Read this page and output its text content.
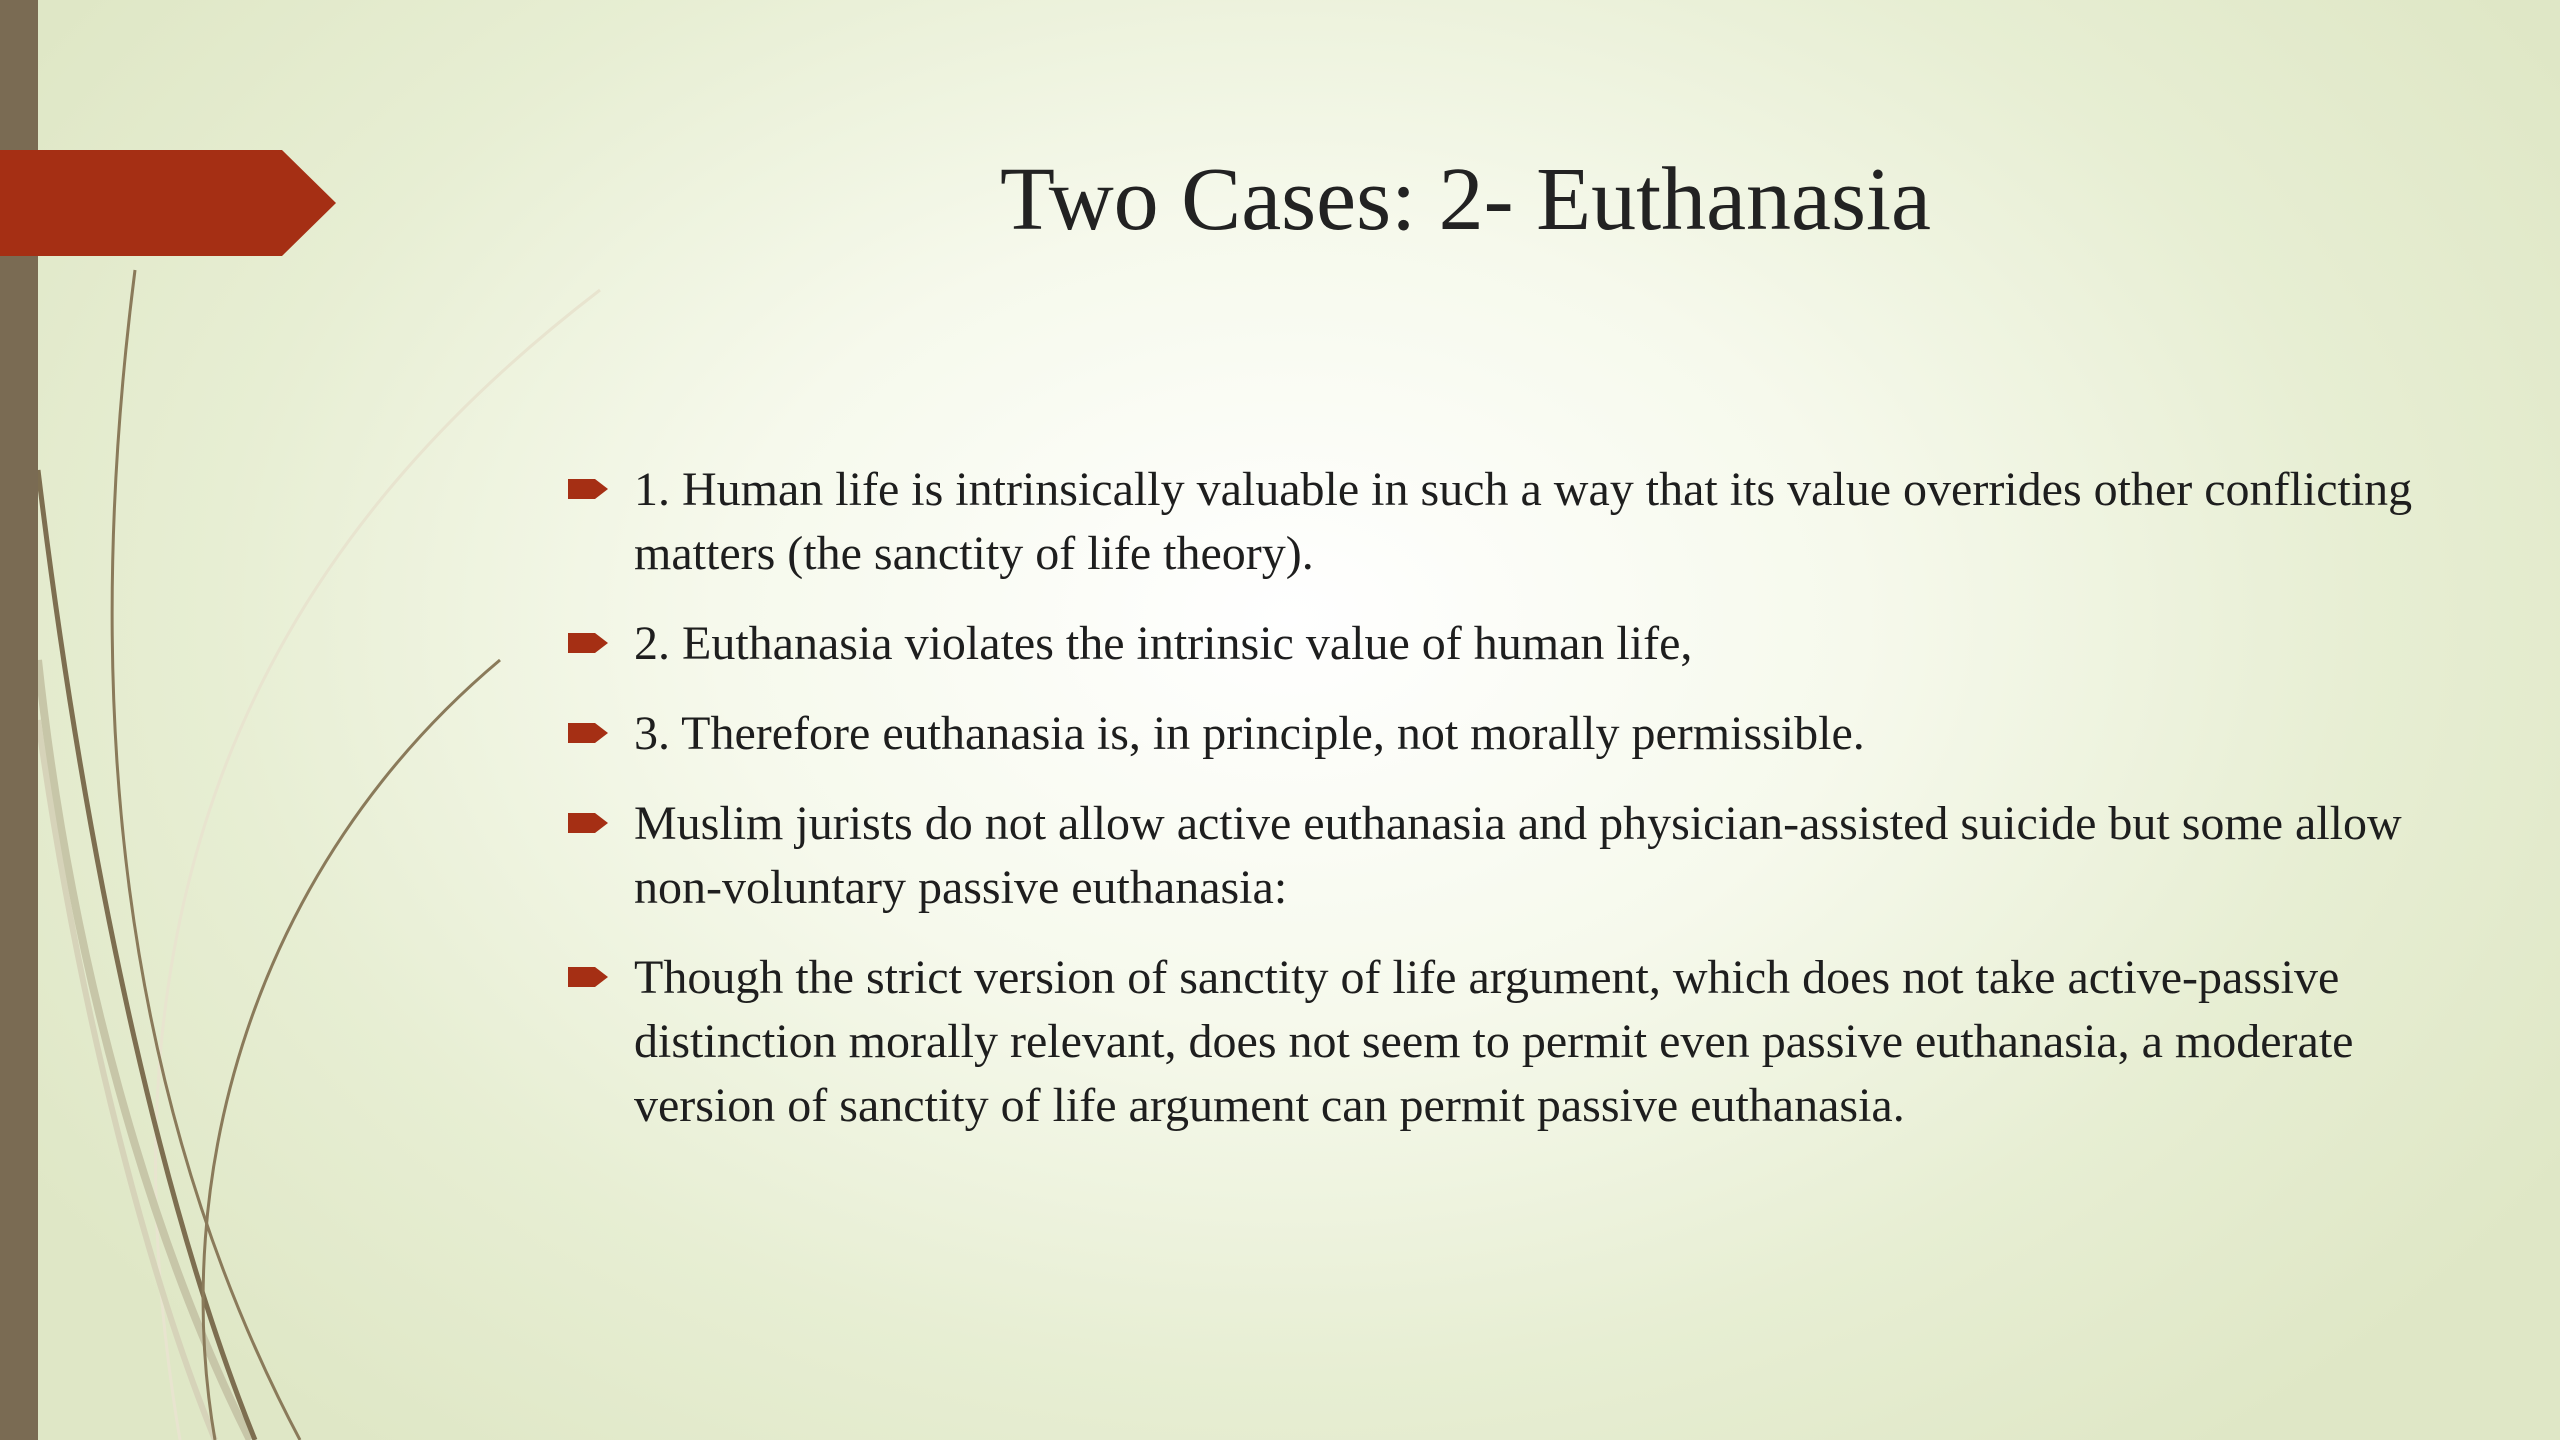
Two Cases: 2- Euthanasia
1. Human life is intrinsically valuable in such a way that its value overrides other conflicting matters (the sanctity of life theory).
2. Euthanasia violates the intrinsic value of human life,
3. Therefore euthanasia is, in principle, not morally permissible.
Muslim jurists do not allow active euthanasia and physician-assisted suicide but some allow non-voluntary passive euthanasia:
Though the strict version of sanctity of life argument, which does not take active-passive distinction morally relevant, does not seem to permit even passive euthanasia, a moderate version of sanctity of life argument can permit passive euthanasia.
